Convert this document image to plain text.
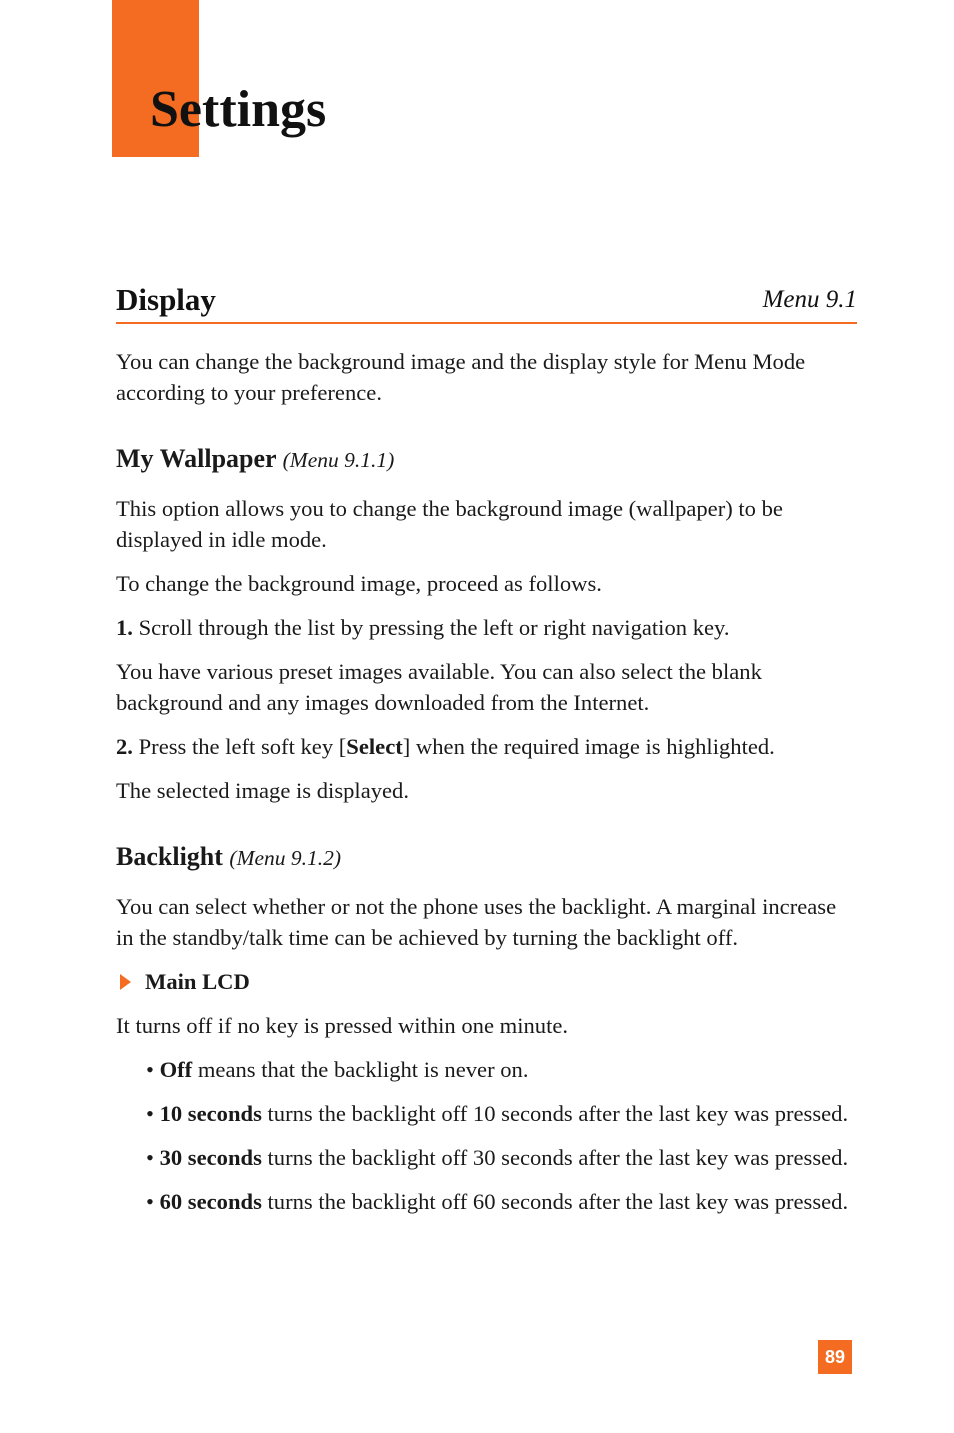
Settings
Display	Menu 9.1

You can change the background image and the display style for Menu Mode according to your preference.

My Wallpaper (Menu 9.1.1)

This option allows you to change the background image (wallpaper) to be displayed in idle mode.

To change the background image, proceed as follows.

1. Scroll through the list by pressing the left or right navigation key.

You have various preset images available. You can also select the blank background and any images downloaded from the Internet.

2. Press the left soft key [Select] when the required image is highlighted.

The selected image is displayed.

Backlight (Menu 9.1.2)

You can select whether or not the phone uses the backlight. A marginal increase in the standby/talk time can be achieved by turning the backlight off.

Main LCD

It turns off if no key is pressed within one minute.

• Off means that the backlight is never on.
• 10 seconds turns the backlight off 10 seconds after the last key was pressed.
• 30 seconds turns the backlight off 30 seconds after the last key was pressed.
• 60 seconds turns the backlight off 60 seconds after the last key was pressed.
89
